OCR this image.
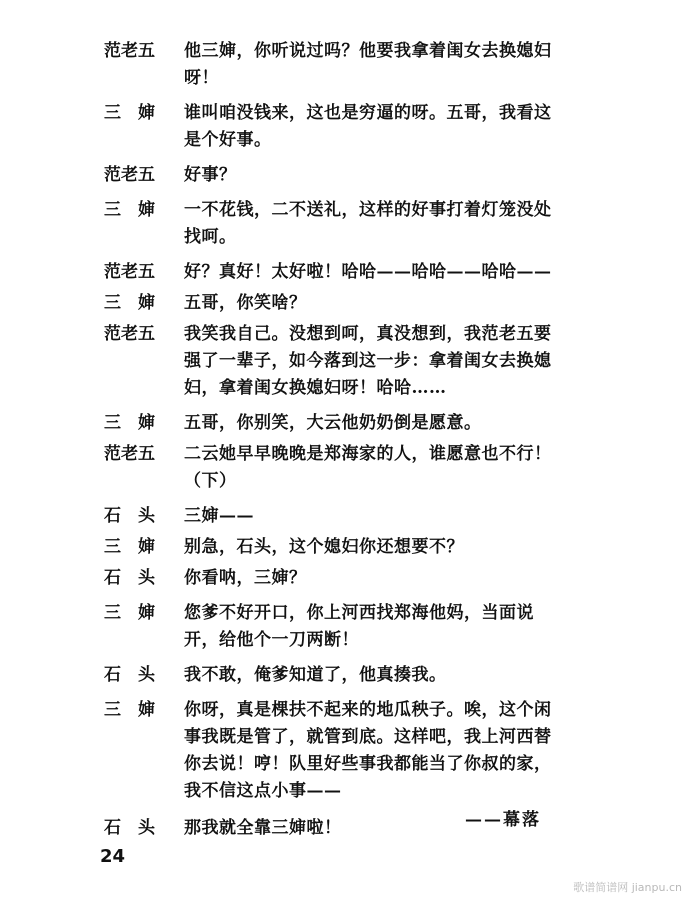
范老五	他三婶，你听说过吗？他要我拿着闺女去换媳妇
呀！
三　婶	谁叫咱没钱来，这也是穷逼的呀。五哥，我看这
是个好事。
范老五	好事？
三　婶	一不花钱，二不送礼，这样的好事打着灯笼没处
找呵。
范老五	好？真好！太好啦！哈哈——哈哈——哈哈——
三　婶	五哥，你笑啥？
范老五	我笑我自己。没想到呵，真没想到，我范老五要
强了一辈子，如今落到这一步：拿着闺女去换媳
妇，拿着闺女换媳妇呀！哈哈……
三　婶	五哥，你别笑，大云他奶奶倒是愿意。
范老五	二云她早早晚晚是郑海家的人，谁愿意也不行！
（下）
石　头	三婶——
三　婶	别急，石头，这个媳妇你还想要不？
石　头	你看呐，三婶？
三　婶	您爹不好开口，你上河西找郑海他妈，当面说
开，给他个一刀两断！
石　头	我不敢，俺爹知道了，他真揍我。
三　婶	你呀，真是棵扶不起来的地瓜秧子。唉，这个闲
事我既是管了，就管到底。这样吧，我上河西替
你去说！哼！队里好些事我都能当了你叔的家，
我不信这点小事——
石　头	那我就全靠三婶啦！	——幕落
24
歌谱简谱网 jianpu.cn
